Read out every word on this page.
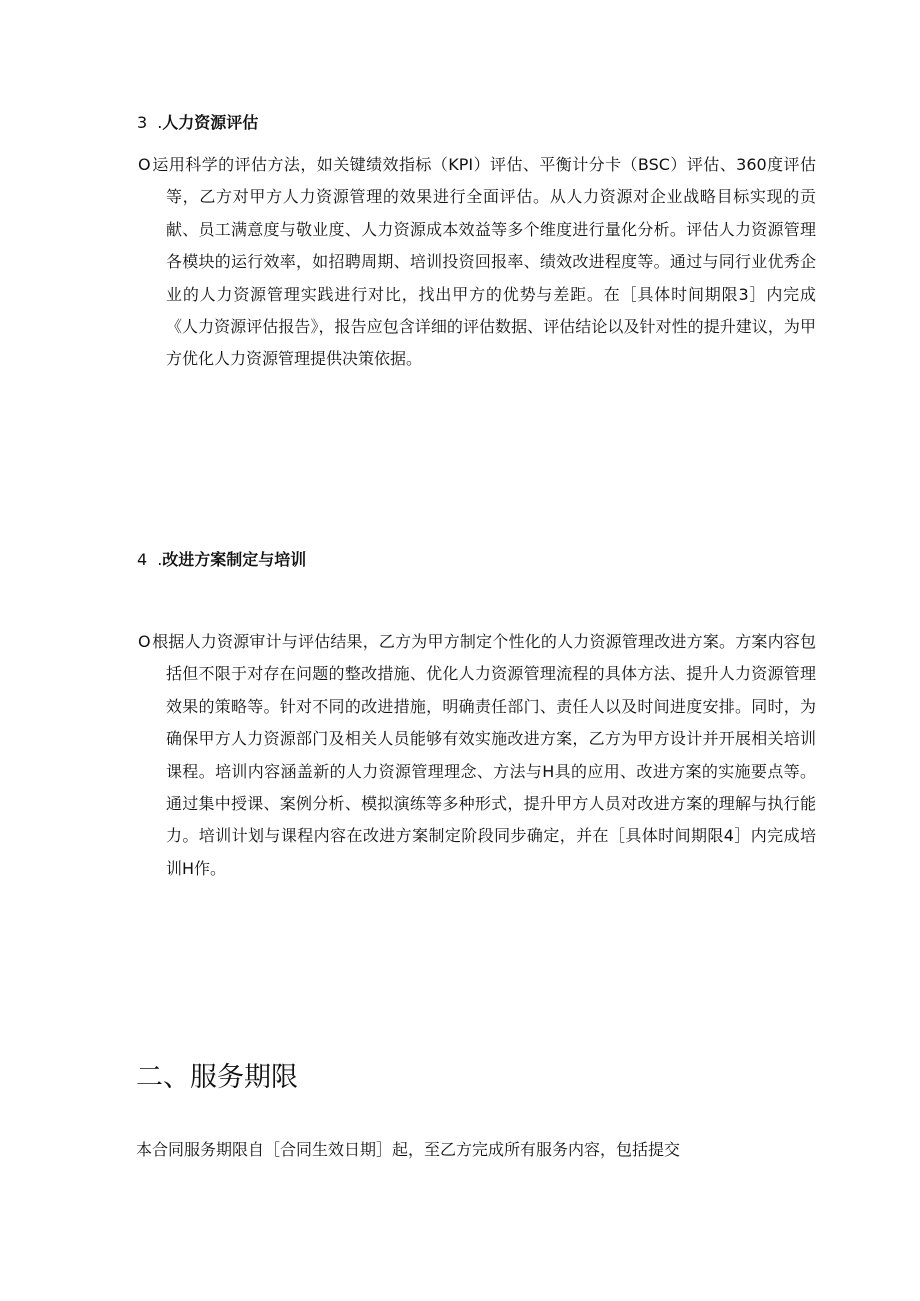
3 .人力资源评估
O运用科学的评估方法，如关键绩效指标（KPI）评估、平衡计分卡（BSC）评估、360度评估等，乙方对甲方人力资源管理的效果进行全面评估。从人力资源对企业战略目标实现的贡献、员工满意度与敬业度、人力资源成本效益等多个维度进行量化分析。评估人力资源管理各模块的运行效率，如招聘周期、培训投资回报率、绩效改进程度等。通过与同行业优秀企业的人力资源管理实践进行对比，找出甲方的优势与差距。在［具体时间期限3］内完成《人力资源评估报告》，报告应包含详细的评估数据、评估结论以及针对性的提升建议，为甲方优化人力资源管理提供决策依据。
4 .改进方案制定与培训
O根据人力资源审计与评估结果，乙方为甲方制定个性化的人力资源管理改进方案。方案内容包括但不限于对存在问题的整改措施、优化人力资源管理流程的具体方法、提升人力资源管理效果的策略等。针对不同的改进措施，明确责任部门、责任人以及时间进度安排。同时，为确保甲方人力资源部门及相关人员能够有效实施改进方案，乙方为甲方设计并开展相关培训课程。培训内容涵盖新的人力资源管理理念、方法与H具的应用、改进方案的实施要点等。通过集中授课、案例分析、模拟演练等多种形式，提升甲方人员对改进方案的理解与执行能力。培训计划与课程内容在改进方案制定阶段同步确定，并在［具体时间期限4］内完成培训H作。
二、服务期限
本合同服务期限自［合同生效日期］起，至乙方完成所有服务内容，包括提交
